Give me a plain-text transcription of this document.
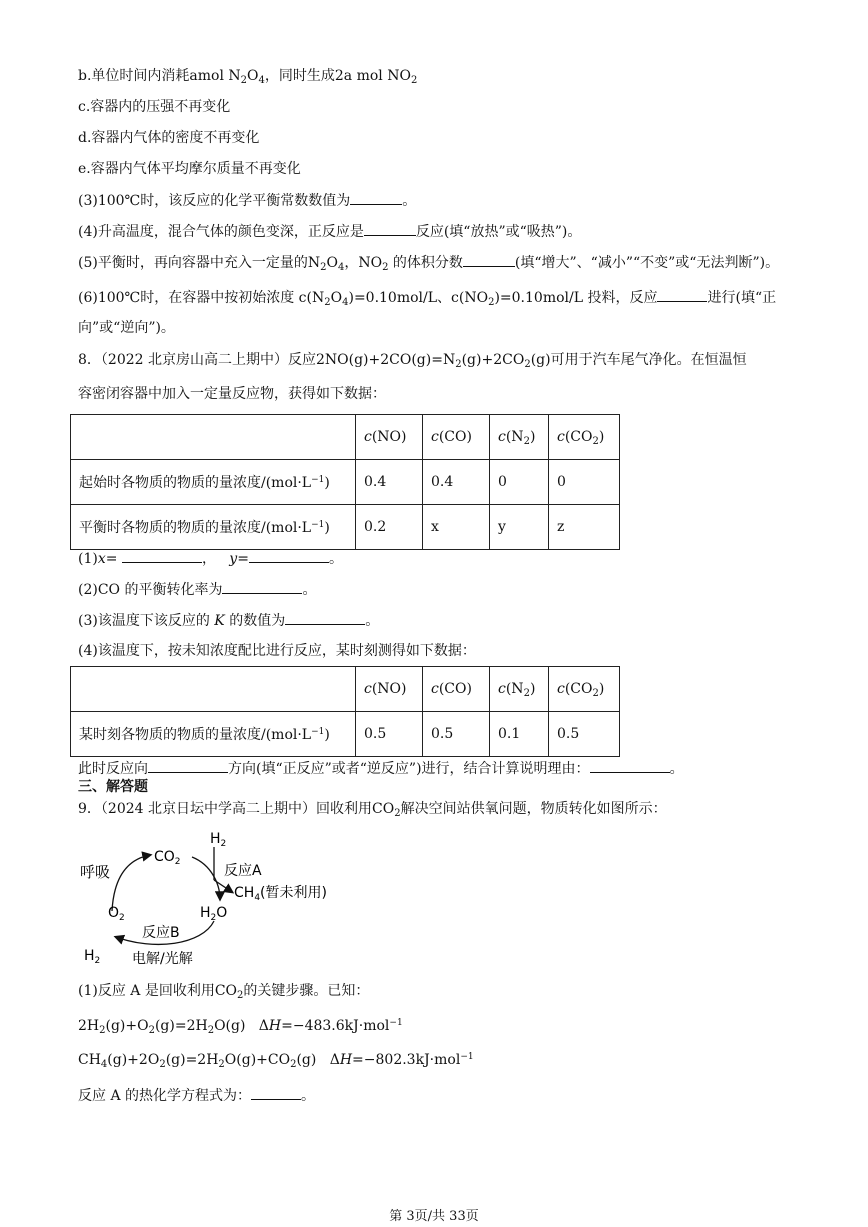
b.单位时间内消耗amol $N_2O_4$，同时生成2a mol $NO_2$
c.容器内的压强不再变化
d.容器内气体的密度不再变化
e.容器内气体平均摩尔质量不再变化
(3)100℃时，该反应的化学平衡常数数值为	。
(4)升高温度，混合气体的颜色变深，正反应是	反应(填“放热”或“吸热”)。
(5)平衡时，再向容器中充入一定量的$N_2O_4$，$NO_2$ 的体积分数	(填“增大”、“减小”“不变”或“无法判断”)。
(6)100℃时，在容器中按初始浓度 $c(N_2O_4)=0.10mol/L$、$c(NO_2)=0.10mol/L$ 投料，反应	进行(填“正
向”或“逆向”)。
8．（2022 北京房山高二上期中）反应$2NO(g)+2CO(g)=N_2(g)+2CO_2(g)$可用于汽车尾气净化。在恒温恒
容密闭容器中加入一定量反应物，获得如下数据：
	c(NO)	c(CO)	$c(N_2)$	$c(CO_2)$
起始时各物质的物质的量浓度$/(mol\cdot L^{-1})$	0.4	0.4	0	0
平衡时各物质的物质的量浓度$/(mol\cdot L^{-1})$	0.2	x	y	z
(1)x=	， y=	。
(2)CO 的平衡转化率为	。
(3)该温度下该反应的 K 的数值为	。
(4)该温度下，按未知浓度配比进行反应，某时刻测得如下数据：
	c(NO)	c(CO)	$c(N_2)$	$c(CO_2)$
某时刻各物质的物质的量浓度$/(mol\cdot L^{-1})$	0.5	0.5	0.1	0.5
此时反应向	方向(填“正反应”或者“逆反应”)进行，结合计算说明理由：	。
三、解答题
9．（2024 北京日坛中学高二上期中）回收利用$CO_2$解决空间站供氧问题，物质转化如图所示：
$H_2$
$CO_2$
呼吸	反应A
$CH_4$(暂未利用)
$O_2$	$H_2O$
反应B
$H_2$ 电解/光解
(1)反应 A 是回收利用$CO_2$的关键步骤。已知：
$2H_2(g)+O_2(g)=2H_2O(g)$   ΔH=−483.6kJ·mol$^{-1}$
$CH_4(g)+2O_2(g)=2H_2O(g)+CO_2(g)$   ΔH=−802.3kJ·mol$^{-1}$
反应 A 的热化学方程式为：	。
第 3页/共 33页
